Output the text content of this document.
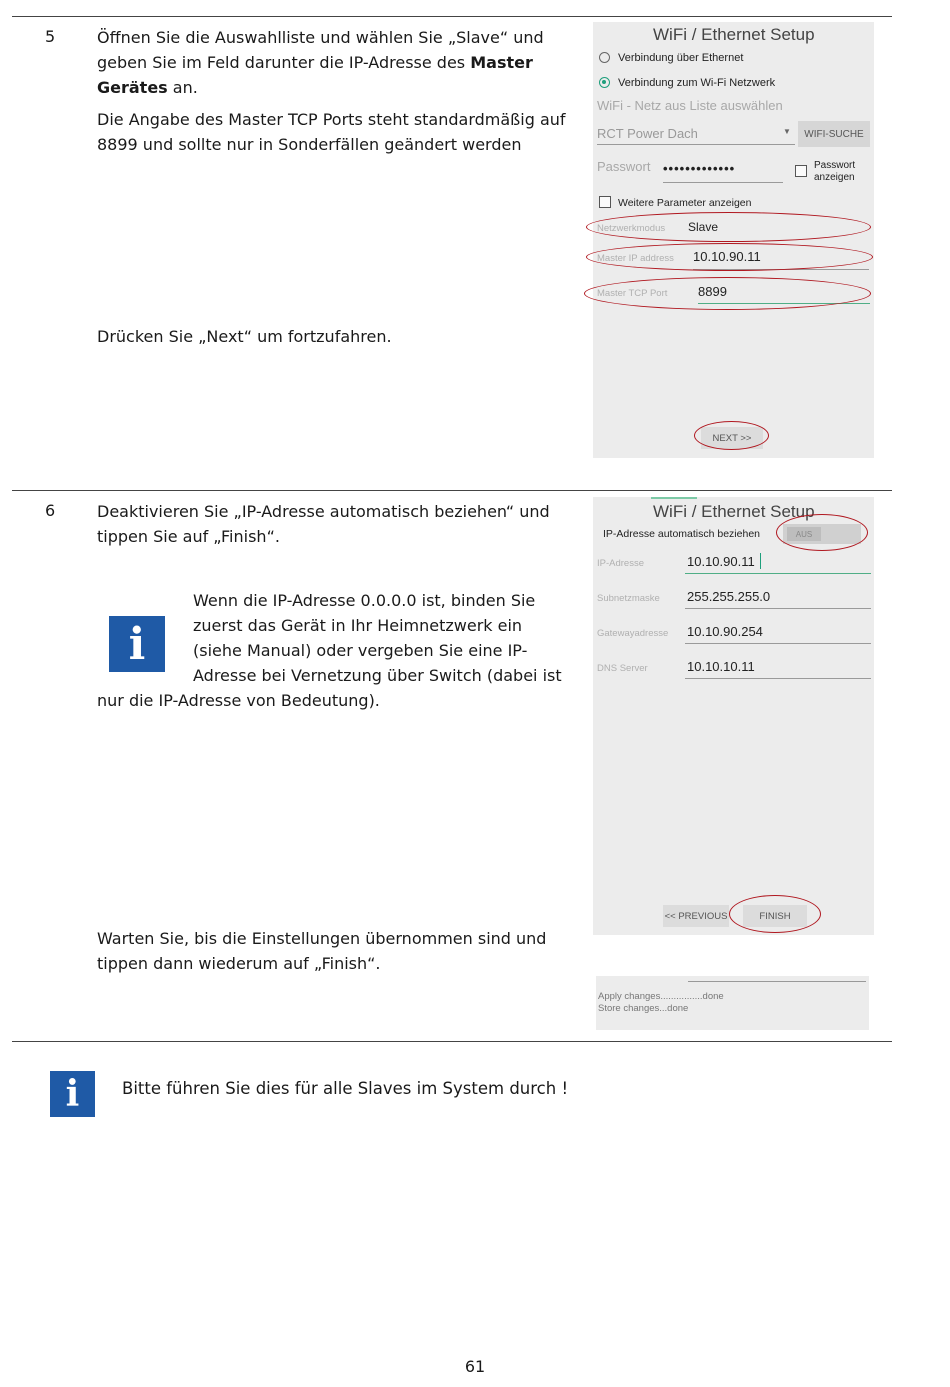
5	Öffnen Sie die Auswahlliste und wählen Sie „Slave“ und geben Sie im Feld darunter die IP-Adresse des Master Gerätes an.

Die Angabe des Master TCP Ports steht standardmäßig auf 8899 und sollte nur in Sonderfällen geändert werden

Drücken Sie „Next“ um fortzufahren.

WiFi / Ethernet Setup
Verbindung über Ethernet
Verbindung zum Wi-Fi Netzwerk
WiFi - Netz aus Liste auswählen
RCT Power Dach	▼	WIFI-SUCHE
Passwort •••••••••••••	Passwort
anzeigen
Weitere Parameter anzeigen
Netzwerkmodus Slave
Master IP address 10.10.90.11
Master TCP Port 8899
NEXT >>
6	Deaktivieren Sie „IP-Adresse automatisch beziehen“ und tippen Sie auf „Finish“.

i
Wenn die IP-Adresse 0.0.0.0 ist, binden Sie
zuerst das Gerät in Ihr Heimnetzwerk ein
(siehe Manual) oder vergeben Sie eine IP-
Adresse bei Vernetzung über Switch (dabei ist
nur die IP-Adresse von Bedeutung).

Warten Sie, bis die Einstellungen übernommen sind und tippen dann wiederum auf „Finish“.

WiFi / Ethernet Setup
IP-Adresse automatisch beziehen	AUS
IP-Adresse	10.10.90.11
Subnetzmaske 255.255.255.0
Gatewayadresse 10.10.90.254
DNS Server	10.10.10.11
<< PREVIOUS	FINISH
Apply changes................done
Store changes...done
i	Bitte führen Sie dies für alle Slaves im System durch !
61
